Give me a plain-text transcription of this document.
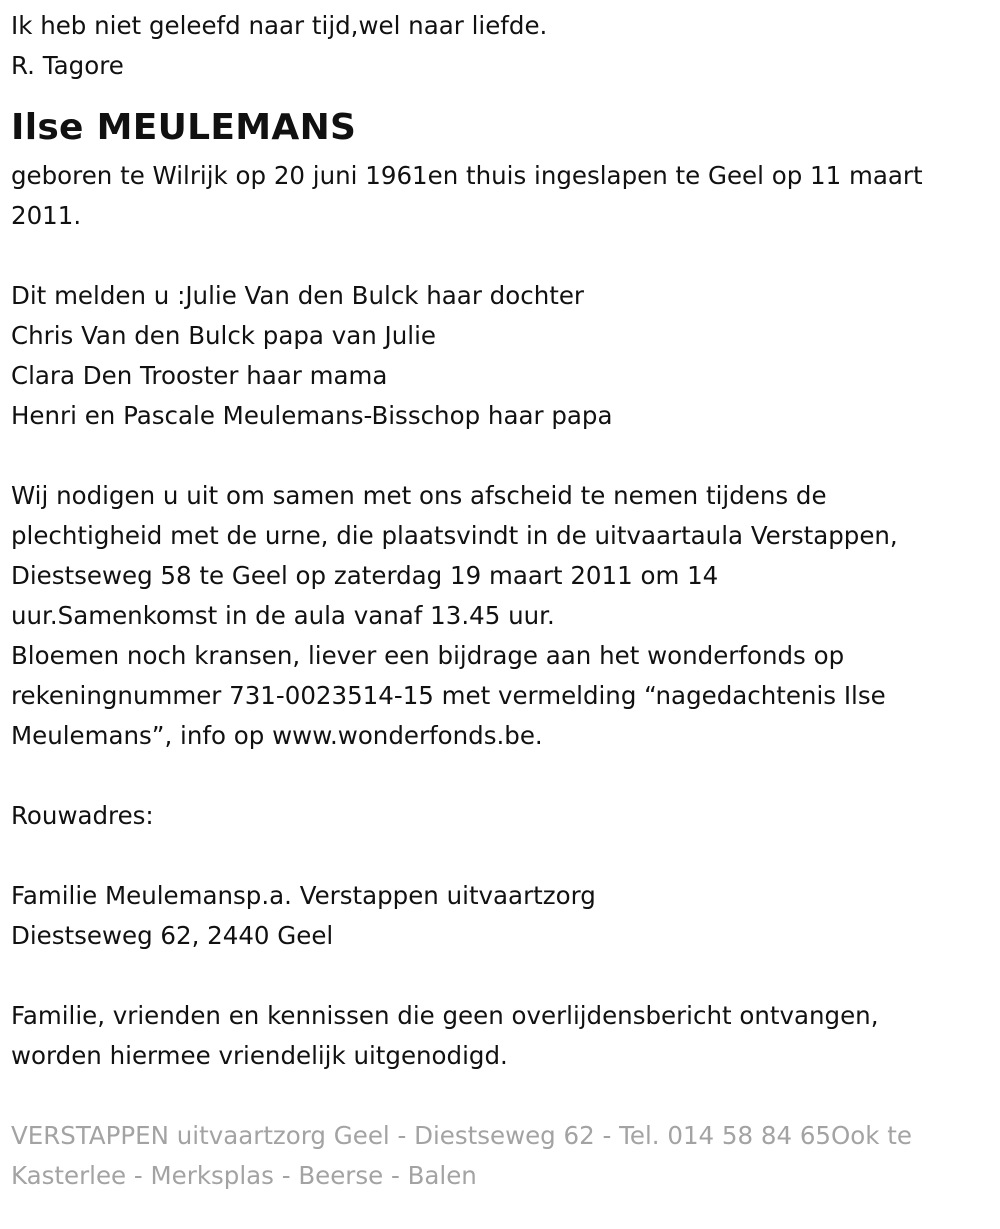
Ik heb niet geleefd naar tijd,wel naar liefde.

R. Tagore

Ilse MEULEMANS

geboren te Wilrijk op 20 juni 1961en thuis ingeslapen te Geel op 11 maart

2011.

Dit melden u :Julie Van den Bulck haar dochter

Chris Van den Bulck papa van Julie

Clara Den Trooster haar mama

Henri en Pascale Meulemans-Bisschop haar papa

Wij nodigen u uit om samen met ons afscheid te nemen tijdens de

plechtigheid met de urne, die plaatsvindt in de uitvaartaula Verstappen,

Diestseweg 58 te Geel op zaterdag 19 maart 2011 om 14

uur.Samenkomst in de aula vanaf 13.45 uur.

Bloemen noch kransen, liever een bijdrage aan het wonderfonds op

rekeningnummer 731-0023514-15 met vermelding “nagedachtenis Ilse

Meulemans”, info op www.wonderfonds.be.

Rouwadres:

Familie Meulemansp.a. Verstappen uitvaartzorg

Diestseweg 62, 2440 Geel

Familie, vrienden en kennissen die geen overlijdensbericht ontvangen,

worden hiermee vriendelijk uitgenodigd.

VERSTAPPEN uitvaartzorg Geel - Diestseweg 62 - Tel. 014 58 84 65Ook te

Kasterlee - Merksplas - Beerse - Balen
